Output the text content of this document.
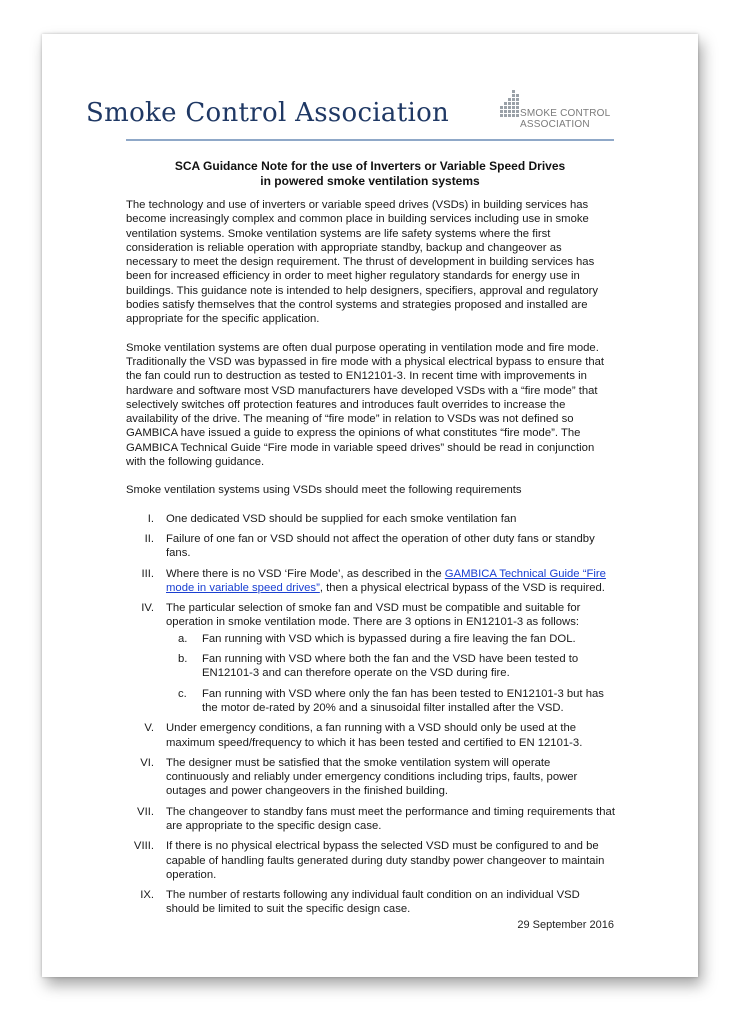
Smoke Control Association	SMOKE CONTROL
ASSOCIATION
SCA Guidance Note for the use of Inverters or Variable Speed Drives
in powered smoke ventilation systems

The technology and use of inverters or variable speed drives (VSDs) in building services has become increasingly complex and common place in building services including use in smoke ventilation systems. Smoke ventilation systems are life safety systems where the first consideration is reliable operation with appropriate standby, backup and changeover as necessary to meet the design requirement. The thrust of development in building services has been for increased efficiency in order to meet higher regulatory standards for energy use in buildings. This guidance note is intended to help designers, specifiers, approval and regulatory bodies satisfy themselves that the control systems and strategies proposed and installed are appropriate for the specific application.

Smoke ventilation systems are often dual purpose operating in ventilation mode and fire mode. Traditionally the VSD was bypassed in fire mode with a physical electrical bypass to ensure that the fan could run to destruction as tested to EN12101-3. In recent time with improvements in hardware and software most VSD manufacturers have developed VSDs with a “fire mode” that selectively switches off protection features and introduces fault overrides to increase the availability of the drive. The meaning of “fire mode” in relation to VSDs was not defined so GAMBICA have issued a guide to express the opinions of what constitutes “fire mode”. The GAMBICA Technical Guide “Fire mode in variable speed drives” should be read in conjunction with the following guidance.

Smoke ventilation systems using VSDs should meet the following requirements

I. One dedicated VSD should be supplied for each smoke ventilation fan
II. Failure of one fan or VSD should not affect the operation of other duty fans or standby fans.
III. Where there is no VSD ‘Fire Mode’, as described in the GAMBICA Technical Guide “Fire mode in variable speed drives”, then a physical electrical bypass of the VSD is required.
IV. The particular selection of smoke fan and VSD must be compatible and suitable for operation in smoke ventilation mode. There are 3 options in EN12101-3 as follows:
a. Fan running with VSD which is bypassed during a fire leaving the fan DOL.
b. Fan running with VSD where both the fan and the VSD have been tested to EN12101-3 and can therefore operate on the VSD during fire.
c. Fan running with VSD where only the fan has been tested to EN12101-3 but has the motor de-rated by 20% and a sinusoidal filter installed after the VSD.
V. Under emergency conditions, a fan running with a VSD should only be used at the maximum speed/frequency to which it has been tested and certified to EN 12101-3.
VI. The designer must be satisfied that the smoke ventilation system will operate continuously and reliably under emergency conditions including trips, faults, power outages and power changeovers in the finished building.
VII. The changeover to standby fans must meet the performance and timing requirements that are appropriate to the specific design case.
VIII. If there is no physical electrical bypass the selected VSD must be configured to and be capable of handling faults generated during duty standby power changeover to maintain operation.
IX. The number of restarts following any individual fault condition on an individual VSD should be limited to suit the specific design case.
29 September 2016
